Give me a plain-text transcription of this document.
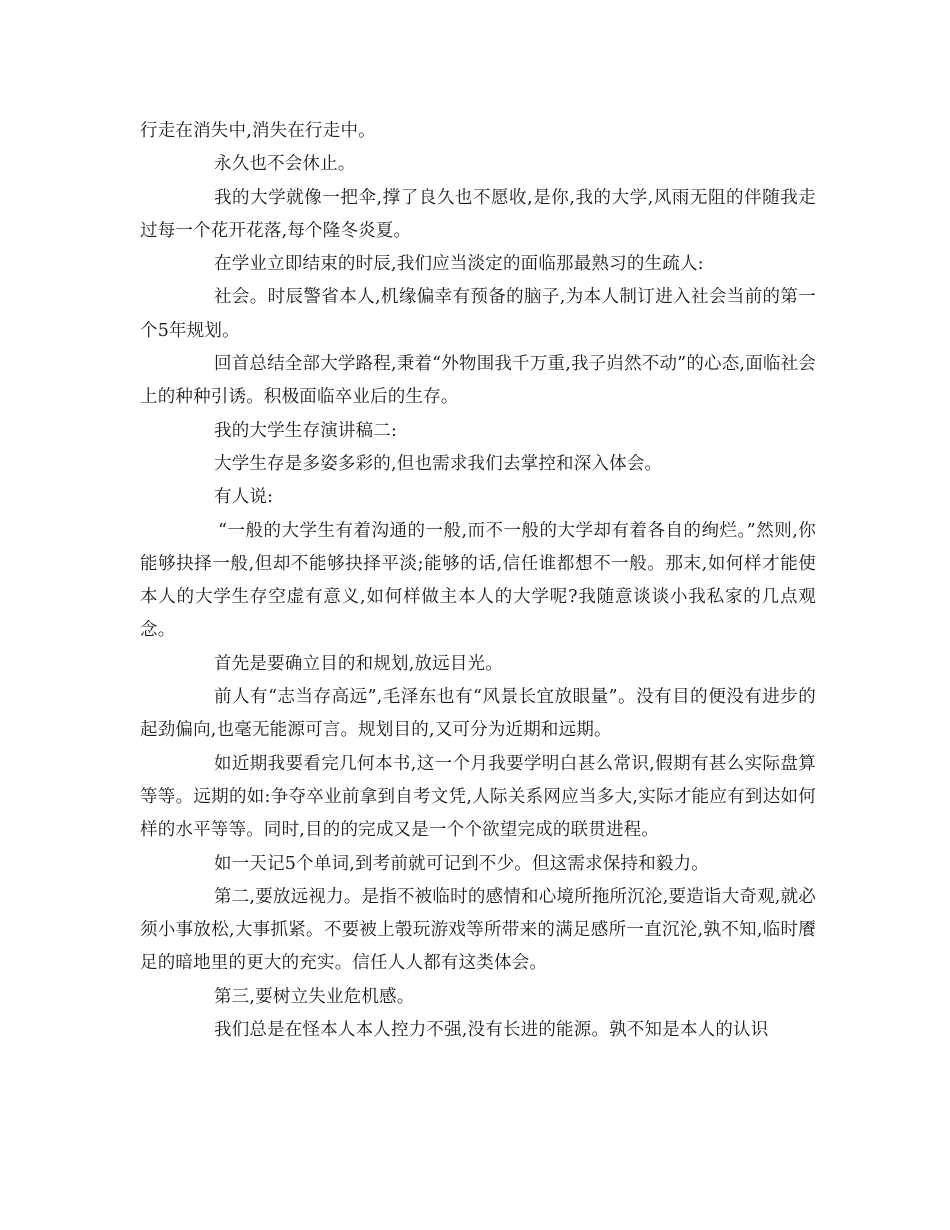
行走在消失中,消失在行走中。

永久也不会休止。

我的大学就像一把伞,撑了良久也不愿收,是你,我的大学,风雨无阻的伴随我走过每一个花开花落,每个隆冬炎夏。

在学业立即结束的时辰,我们应当淡定的面临那最熟习的生疏人:

社会。时辰警省本人,机缘偏幸有预备的脑子,为本人制订进入社会当前的第一个5年规划。

回首总结全部大学路程,秉着“外物围我千万重,我子岿然不动”的心态,面临社会上的种种引诱。积极面临卒业后的生存。

我的大学生存演讲稿二:

大学生存是多姿多彩的,但也需求我们去掌控和深入体会。

有人说:

“一般的大学生有着沟通的一般,而不一般的大学却有着各自的绚烂。”然则,你能够抉择一般,但却不能够抉择平淡;能够的话,信任谁都想不一般。那末,如何样才能使本人的大学生存空虚有意义,如何样做主本人的大学呢?我随意谈谈小我私家的几点观念。

首先是要确立目的和规划,放远目光。

前人有“志当存高远”,毛泽东也有“风景长宜放眼量”。没有目的便没有进步的起劲偏向,也毫无能源可言。规划目的,又可分为近期和远期。

如近期我要看完几何本书,这一个月我要学明白甚么常识,假期有甚么实际盘算等等。远期的如:争夺卒业前拿到自考文凭,人际关系网应当多大,实际才能应有到达如何样的水平等等。同时,目的的完成又是一个个欲望完成的联贯进程。

如一天记5个单词,到考前就可记到不少。但这需求保持和毅力。

第二,要放远视力。是指不被临时的感情和心境所拖所沉沦,要造诣大奇观,就必须小事放松,大事抓紧。不要被上彀玩游戏等所带来的满足感所一直沉沦,孰不知,临时餍足的暗地里的更大的充实。信任人人都有这类体会。

第三,要树立失业危机感。

我们总是在怪本人本人控力不强,没有长进的能源。孰不知是本人的认识
